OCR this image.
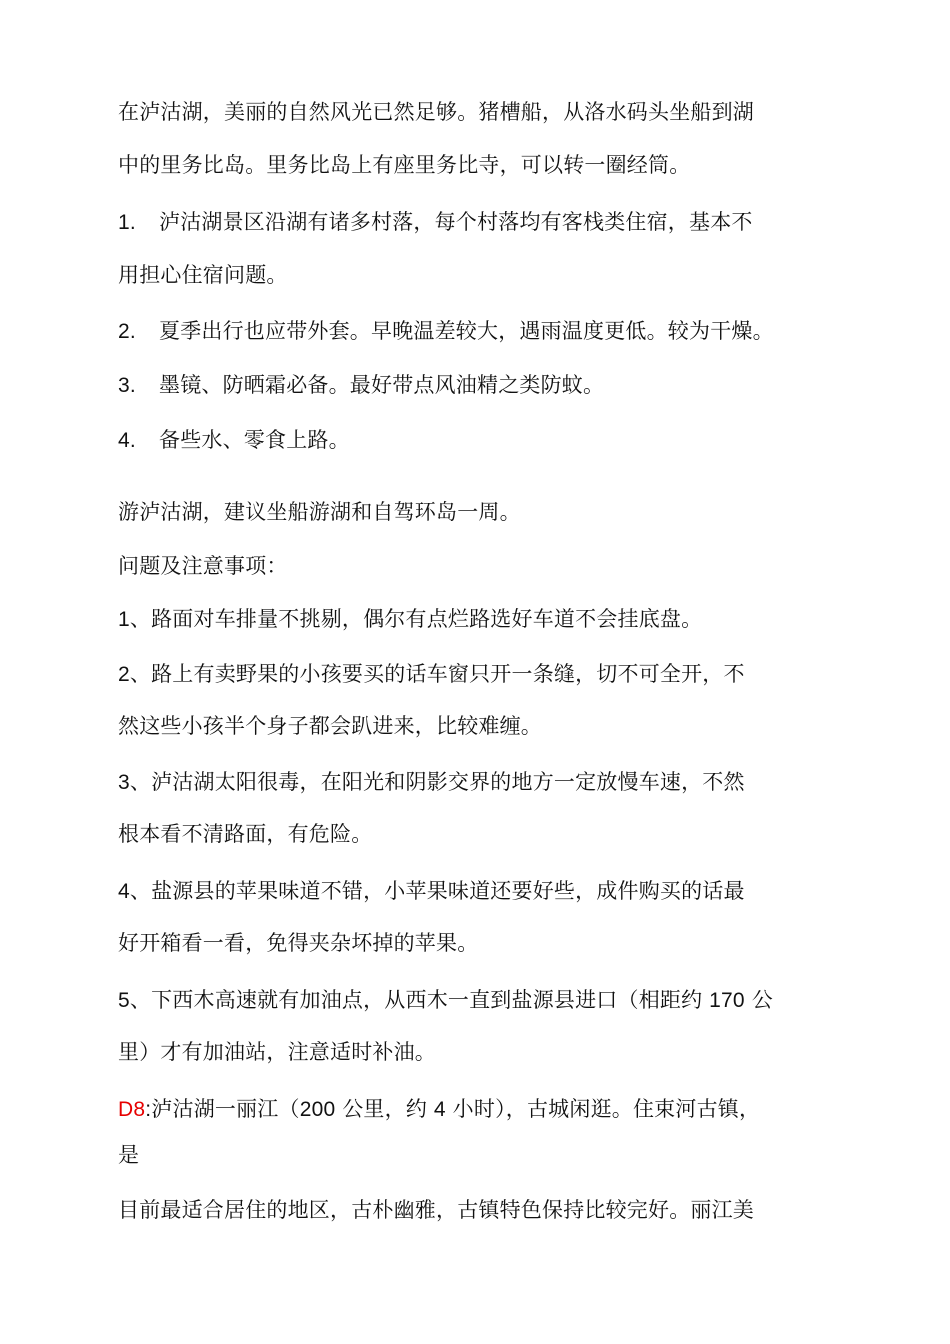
在泸沽湖，美丽的自然风光已然足够。猪槽船，从洛水码头坐船到湖
中的里务比岛。里务比岛上有座里务比寺，可以转一圈经筒。
1. 泸沽湖景区沿湖有诸多村落，每个村落均有客栈类住宿，基本不
用担心住宿问题。
2. 夏季出行也应带外套。早晚温差较大，遇雨温度更低。较为干燥。
3. 墨镜、防晒霜必备。最好带点风油精之类防蚊。
4. 备些水、零食上路。
游泸沽湖，建议坐船游湖和自驾环岛一周。
问题及注意事项：
1、路面对车排量不挑剔，偶尔有点烂路选好车道不会挂底盘。
2、路上有卖野果的小孩要买的话车窗只开一条缝，切不可全开，不
然这些小孩半个身子都会趴进来，比较难缠。
3、泸沽湖太阳很毒，在阳光和阴影交界的地方一定放慢车速，不然
根本看不清路面，有危险。
4、盐源县的苹果味道不错，小苹果味道还要好些，成件购买的话最
好开箱看一看，免得夹杂坏掉的苹果。
5、下西木高速就有加油点，从西木一直到盐源县进口（相距约 170 公
里）才有加油站，注意适时补油。
D8:泸沽湖一丽江（200 公里，约 4 小时），古城闲逛。住束河古镇，
是
目前最适合居住的地区，古朴幽雅，古镇特色保持比较完好。丽江美
